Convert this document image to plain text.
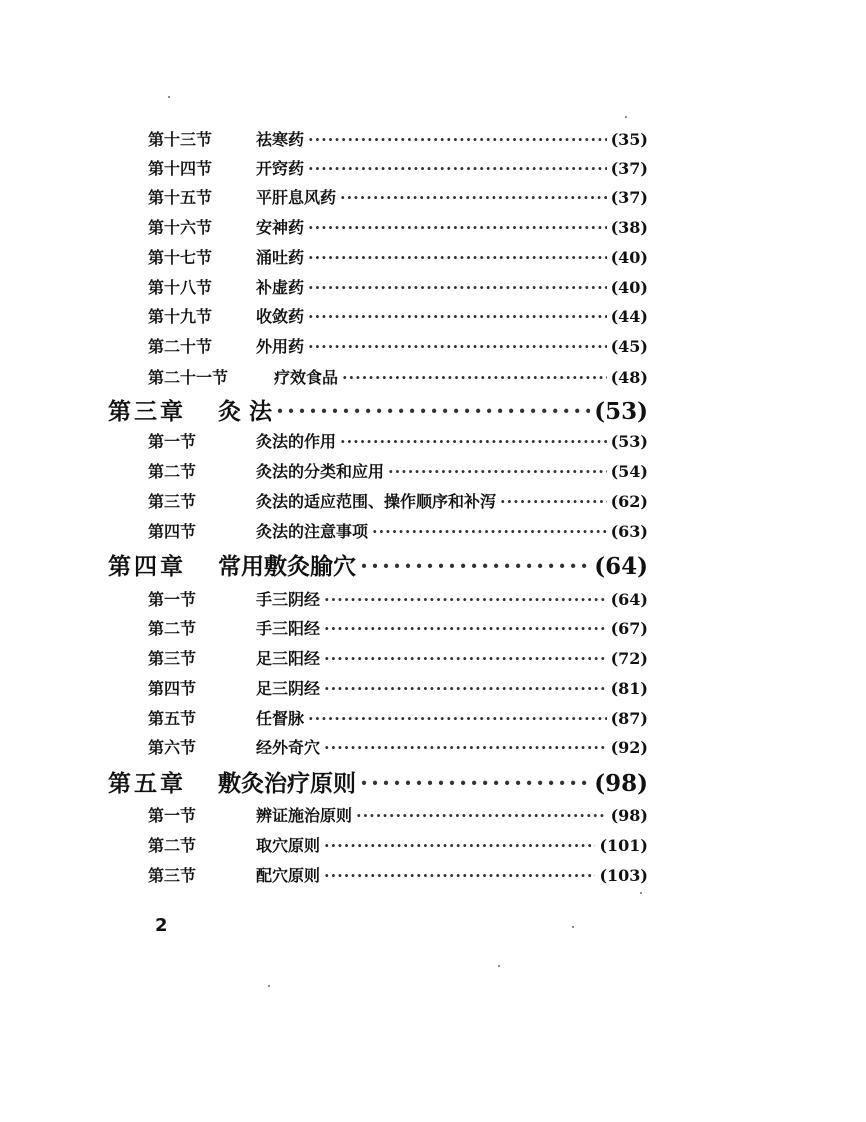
第十三节	祛寒药 ·····	(35)
第十四节	开窍药 ·····	(37)
第十五节	平肝息风药 ·····	(37)
第十六节	安神药 ·····	(38)
第十七节	涌吐药 ·····	(40)
第十八节	补虚药 ·····	(40)
第十九节	收敛药 ·····	(44)
第二十节	外用药 ·····	(45)
第二十一节	疗效食品 ·····	(48)
第三章	灸 法 ·····	(53)
第一节	灸法的作用 ·····	(53)
第二节	灸法的分类和应用 ·····	(54)
第三节	灸法的适应范围、操作顺序和补泻 ·····	(62)
第四节	灸法的注意事项 ·····	(63)
第四章	常用敷灸腧穴 ·····	(64)
第一节	手三阴经 ·····	(64)
第二节	手三阳经 ·····	(67)
第三节	足三阳经 ·····	(72)
第四节	足三阴经 ·····	(81)
第五节	任督脉 ·····	(87)
第六节	经外奇穴 ·····	(92)
第五章	敷灸治疗原则 ·····	(98)
第一节	辨证施治原则 ·····	(98)
第二节	取穴原则 ·····	(101)
第三节	配穴原则 ·····	(103)
2
